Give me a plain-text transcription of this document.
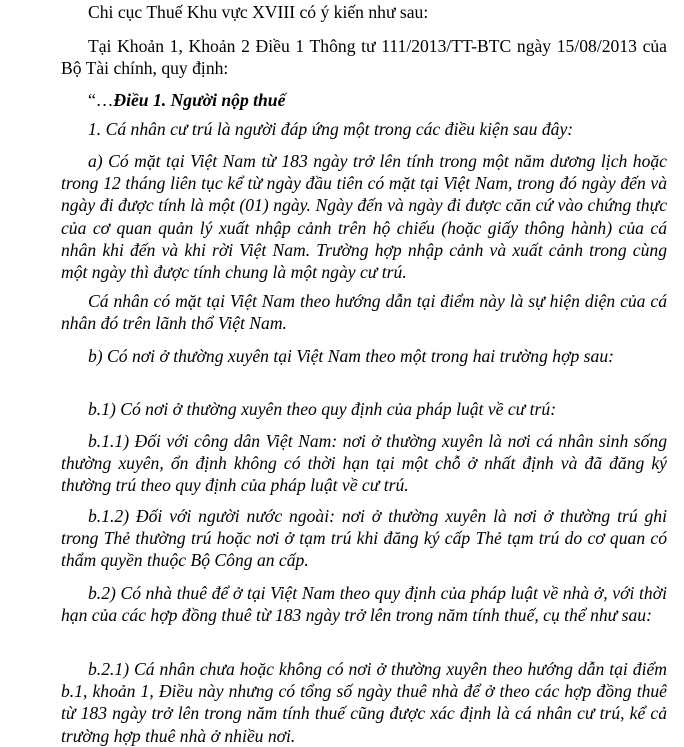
Chi cục Thuế Khu vực XVIII có ý kiến như sau:

Tại Khoản 1, Khoản 2 Điều 1 Thông tư 111/2013/TT-BTC ngày 15/08/2013 của Bộ Tài chính, quy định:

“…Điều 1. Người nộp thuế

1. Cá nhân cư trú là người đáp ứng một trong các điều kiện sau đây:

a) Có mặt tại Việt Nam từ 183 ngày trở lên tính trong một năm dương lịch hoặc trong 12 tháng liên tục kể từ ngày đầu tiên có mặt tại Việt Nam, trong đó ngày đến và ngày đi được tính là một (01) ngày. Ngày đến và ngày đi được căn cứ vào chứng thực của cơ quan quản lý xuất nhập cảnh trên hộ chiếu (hoặc giấy thông hành) của cá nhân khi đến và khi rời Việt Nam. Trường hợp nhập cảnh và xuất cảnh trong cùng một ngày thì được tính chung là một ngày cư trú.

Cá nhân có mặt tại Việt Nam theo hướng dẫn tại điểm này là sự hiện diện của cá nhân đó trên lãnh thổ Việt Nam.

b) Có nơi ở thường xuyên tại Việt Nam theo một trong hai trường hợp sau:

b.1) Có nơi ở thường xuyên theo quy định của pháp luật về cư trú:

b.1.1) Đối với công dân Việt Nam: nơi ở thường xuyên là nơi cá nhân sinh sống thường xuyên, ổn định không có thời hạn tại một chỗ ở nhất định và đã đăng ký thường trú theo quy định của pháp luật về cư trú.

b.1.2) Đối với người nước ngoài: nơi ở thường xuyên là nơi ở thường trú ghi trong Thẻ thường trú hoặc nơi ở tạm trú khi đăng ký cấp Thẻ tạm trú do cơ quan có thẩm quyền thuộc Bộ Công an cấp.

b.2) Có nhà thuê để ở tại Việt Nam theo quy định của pháp luật về nhà ở, với thời hạn của các hợp đồng thuê từ 183 ngày trở lên trong năm tính thuế, cụ thể như sau:

b.2.1) Cá nhân chưa hoặc không có nơi ở thường xuyên theo hướng dẫn tại điểm b.1, khoản 1, Điều này nhưng có tổng số ngày thuê nhà để ở theo các hợp đồng thuê từ 183 ngày trở lên trong năm tính thuế cũng được xác định là cá nhân cư trú, kể cả trường hợp thuê nhà ở nhiều nơi.
